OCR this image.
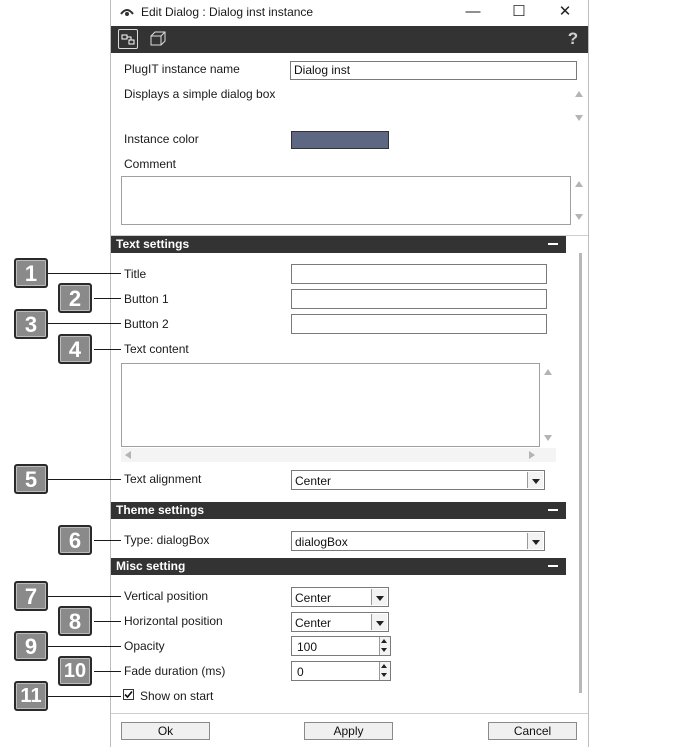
Edit Dialog : Dialog inst instance	—	☐	✕
?
PlugIT instance name	Dialog inst
Displays a simple dialog box
Instance color
Comment
Text settings
Title
Button 1
Button 2
Text content
Text alignment	Center
Theme settings
Type: dialogBox	dialogBox
Misc setting
Vertical position	Center
Horizontal position	Center
Opacity	100
Fade duration (ms)	0
Show on start
Ok	Apply	Cancel
1
2
3
4
5
6
7
8
9
10
11
